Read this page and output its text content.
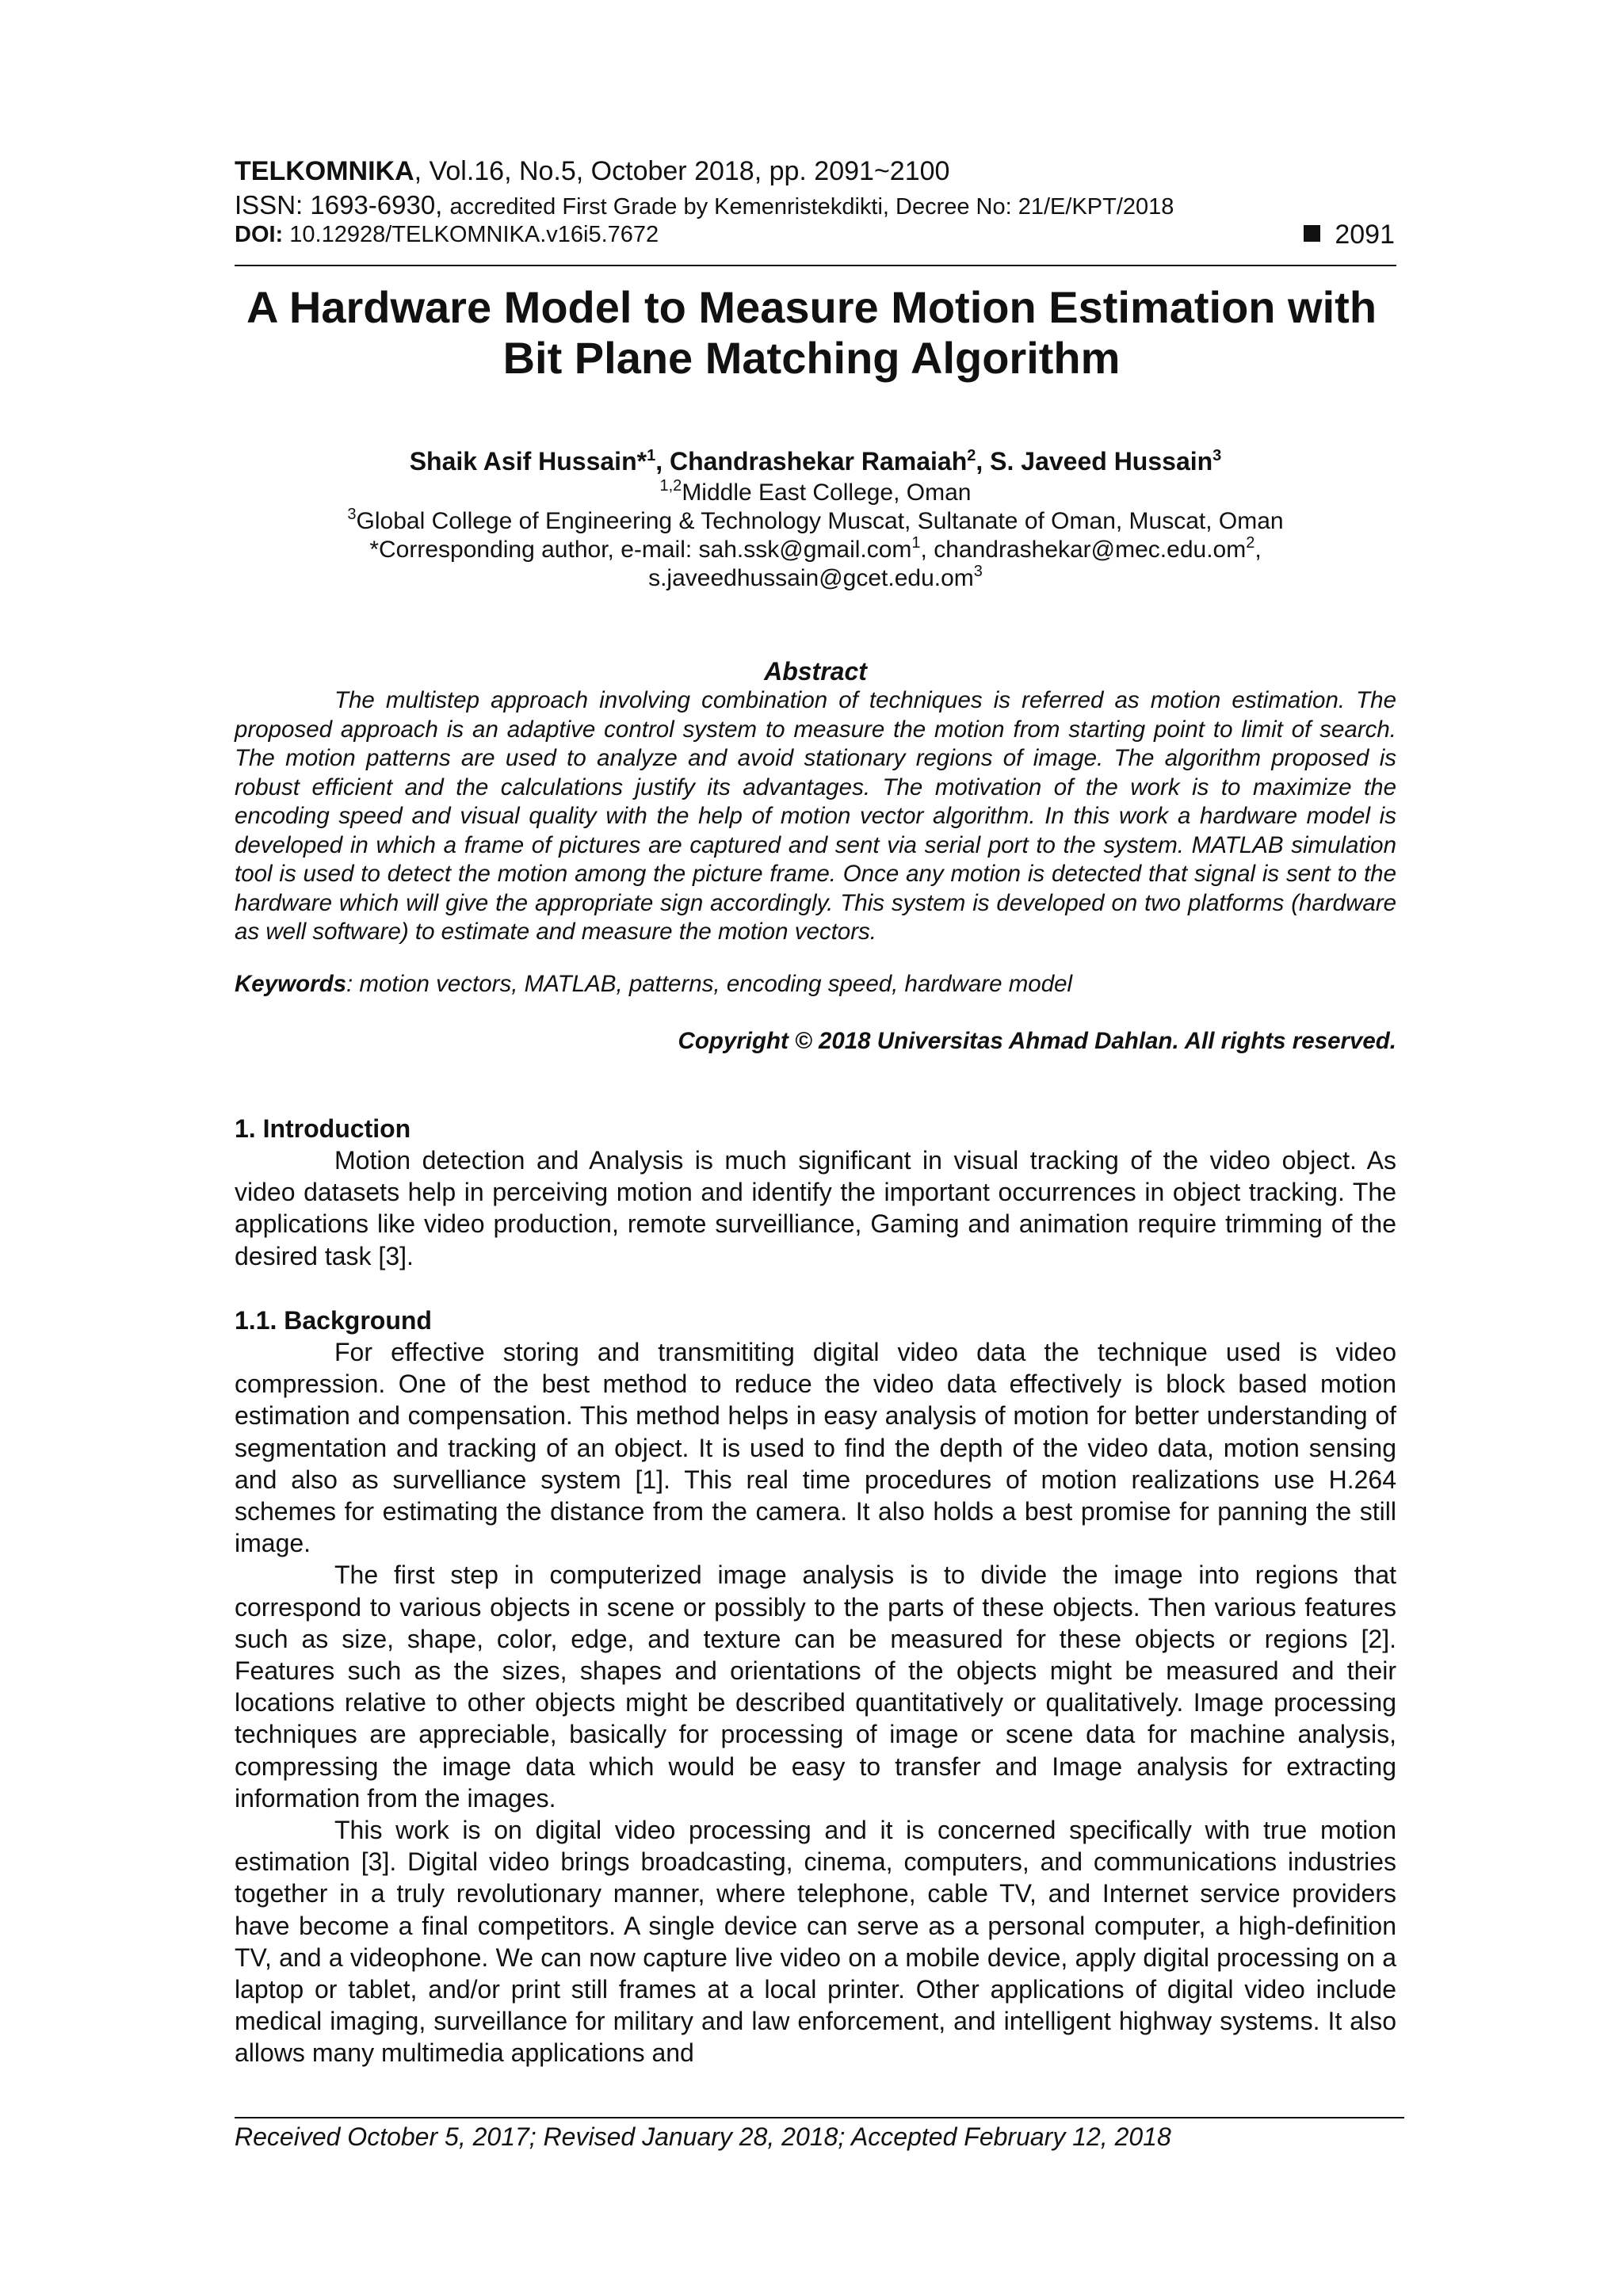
TELKOMNIKA, Vol.16, No.5, October 2018, pp. 2091~2100
ISSN: 1693-6930, accredited First Grade by Kemenristekdikti, Decree No: 21/E/KPT/2018
DOI: 10.12928/TELKOMNIKA.v16i5.7672	2091
A Hardware Model to Measure Motion Estimation with
Bit Plane Matching Algorithm
Shaik Asif Hussain*$^1$, Chandrashekar Ramaiah$^2$, S. Javeed Hussain$^3$
$^{1,2}$Middle East College, Oman
$^3$Global College of Engineering & Technology Muscat, Sultanate of Oman, Muscat, Oman
*Corresponding author, e-mail: sah.ssk@gmail.com$^1$, $chandrashekar@mec.edu.om^2$,
$s.javeedhussain@gcet.edu.om^3$
Abstract

The multistep approach involving combination of techniques is referred as motion estimation. The proposed approach is an adaptive control system to measure the motion from starting point to limit of search. The motion patterns are used to analyze and avoid stationary regions of image. The algorithm proposed is robust efficient and the calculations justify its advantages. The motivation of the work is to maximize the encoding speed and visual quality with the help of motion vector algorithm. In this work a hardware model is developed in which a frame of pictures are captured and sent via serial port to the system. MATLAB simulation tool is used to detect the motion among the picture frame. Once any motion is detected that signal is sent to the hardware which will give the appropriate sign accordingly. This system is developed on two platforms (hardware as well software) to estimate and measure the motion vectors.

Keywords: motion vectors, MATLAB, patterns, encoding speed, hardware model
Copyright © 2018 Universitas Ahmad Dahlan. All rights reserved.
1. Introduction

Motion detection and Analysis is much significant in visual tracking of the video object. As video datasets help in perceiving motion and identify the important occurrences in object tracking. The applications like video production, remote surveilliance, Gaming and animation require trimming of the desired task [3].

1.1. Background

For effective storing and transmititing digital video data the technique used is video compression. One of the best method to reduce the video data effectively is block based motion estimation and compensation. This method helps in easy analysis of motion for better understanding of segmentation and tracking of an object. It is used to find the depth of the video data, motion sensing and also as survelliance system [1]. This real time procedures of motion realizations use H.264 schemes for estimating the distance from the camera. It also holds a best promise for panning the still image.

The first step in computerized image analysis is to divide the image into regions that correspond to various objects in scene or possibly to the parts of these objects. Then various features such as size, shape, color, edge, and texture can be measured for these objects or regions [2]. Features such as the sizes, shapes and orientations of the objects might be measured and their locations relative to other objects might be described quantitatively or qualitatively. Image processing techniques are appreciable, basically for processing of image or scene data for machine analysis, compressing the image data which would be easy to transfer and Image analysis for extracting information from the images.

This work is on digital video processing and it is concerned specifically with true motion estimation [3]. Digital video brings broadcasting, cinema, computers, and communications industries together in a truly revolutionary manner, where telephone, cable TV, and Internet service providers have become a final competitors. A single device can serve as a personal computer, a high-definition TV, and a videophone. We can now capture live video on a mobile device, apply digital processing on a laptop or tablet, and/or print still frames at a local printer. Other applications of digital video include medical imaging, surveillance for military and law enforcement, and intelligent highway systems. It also allows many multimedia applications and

Received October 5, 2017; Revised January 28, 2018; Accepted February 12, 2018
